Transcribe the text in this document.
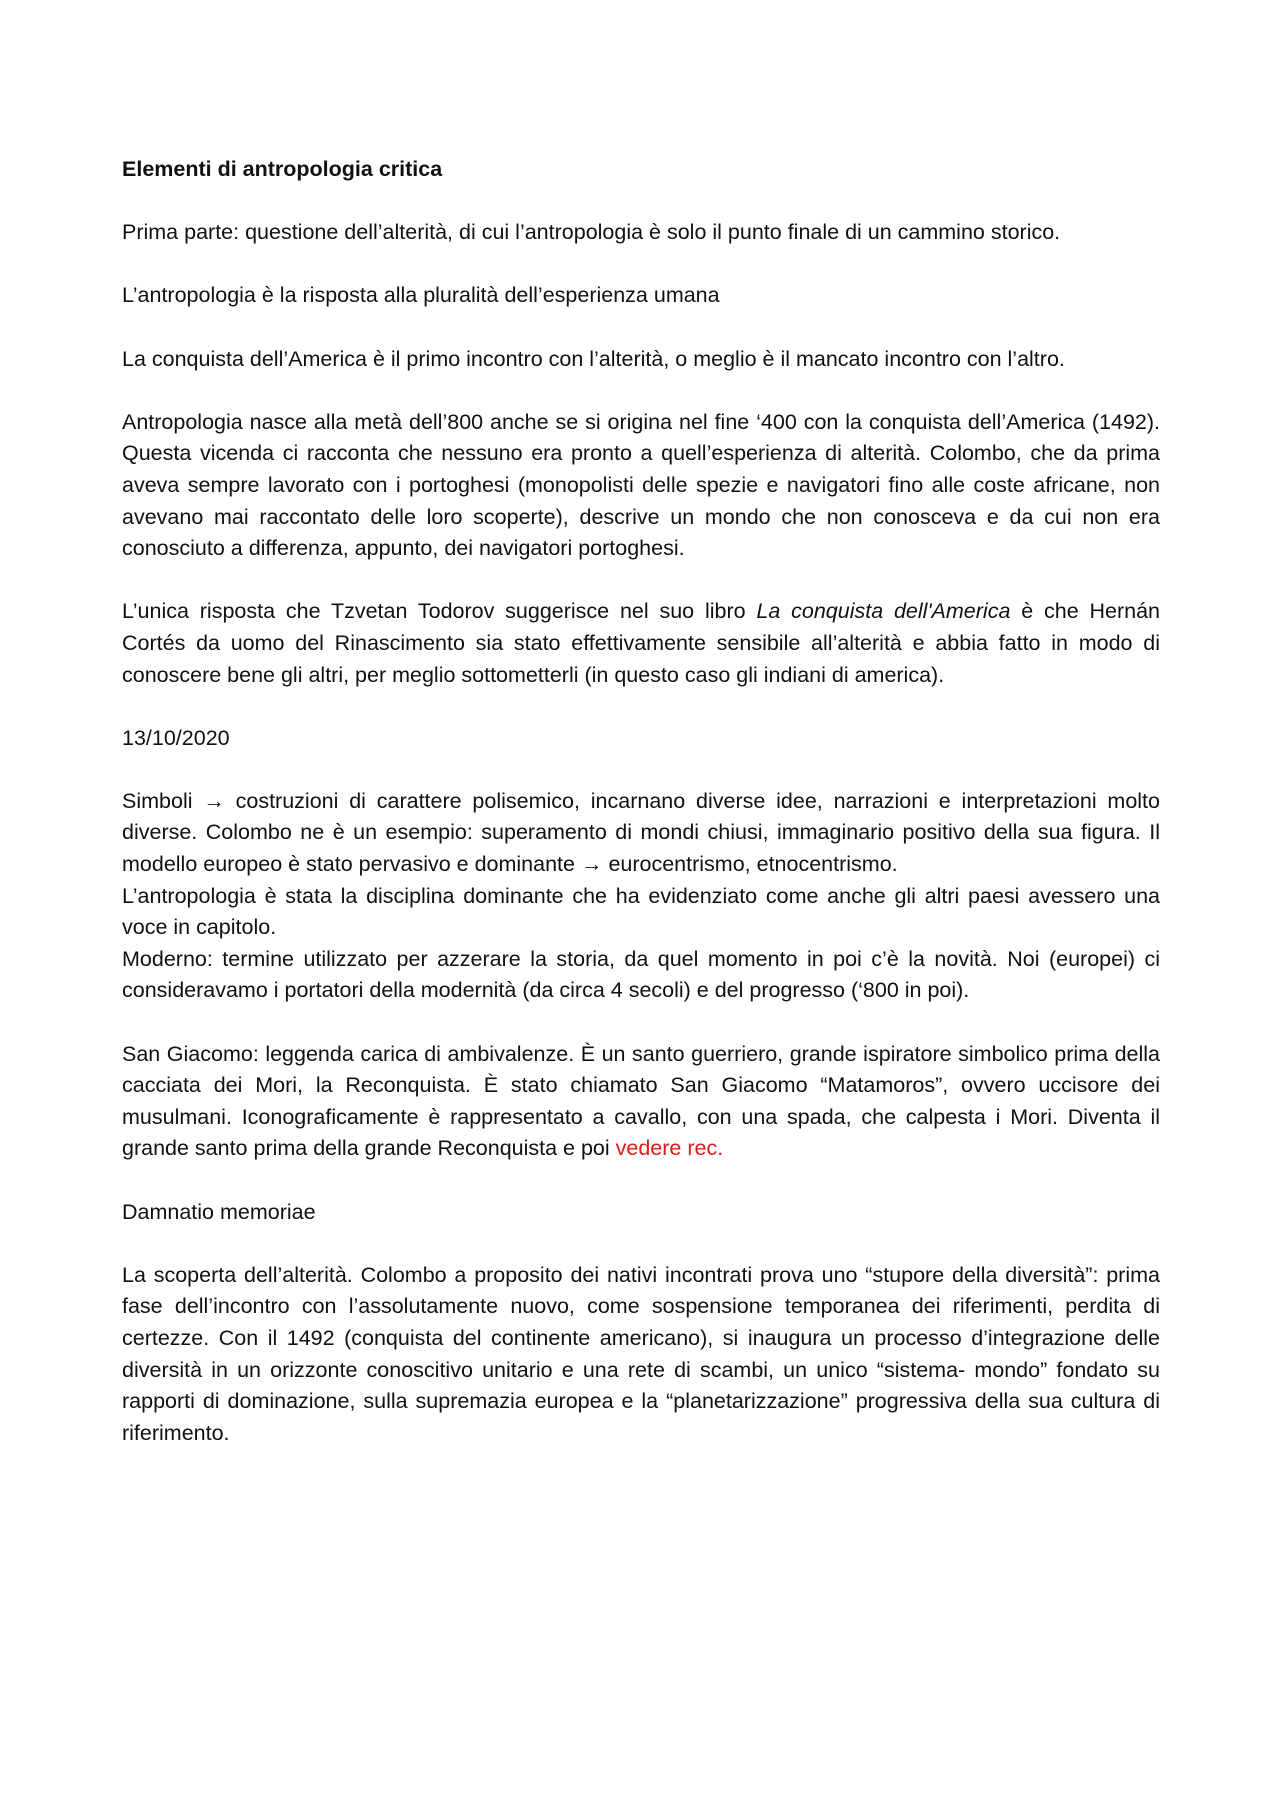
Elementi di antropologia critica

Prima parte: questione dell’alterità, di cui l’antropologia è solo il punto finale di un cammino storico.

L’antropologia è la risposta alla pluralità dell’esperienza umana

La conquista dell’America è il primo incontro con l’alterità, o meglio è il mancato incontro con l’altro.

Antropologia nasce alla metà dell’800 anche se si origina nel fine ‘400 con la conquista dell’America (1492). Questa vicenda ci racconta che nessuno era pronto a quell’esperienza di alterità. Colombo, che da prima aveva sempre lavorato con i portoghesi (monopolisti delle spezie e navigatori fino alle coste africane, non avevano mai raccontato delle loro scoperte), descrive un mondo che non conosceva e da cui non era conosciuto a differenza, appunto, dei navigatori portoghesi.

L’unica risposta che Tzvetan Todorov suggerisce nel suo libro La conquista dell'America è che Hernán Cortés da uomo del Rinascimento sia stato effettivamente sensibile all’alterità e abbia fatto in modo di conoscere bene gli altri, per meglio sottometterli (in questo caso gli indiani di america).

13/10/2020

Simboli → costruzioni di carattere polisemico, incarnano diverse idee, narrazioni e interpretazioni molto diverse. Colombo ne è un esempio: superamento di mondi chiusi, immaginario positivo della sua figura. Il modello europeo è stato pervasivo e dominante → eurocentrismo, etnocentrismo.

L’antropologia è stata la disciplina dominante che ha evidenziato come anche gli altri paesi avessero una voce in capitolo.

Moderno: termine utilizzato per azzerare la storia, da quel momento in poi c’è la novità. Noi (europei) ci consideravamo i portatori della modernità (da circa 4 secoli) e del progresso (‘800 in poi).

San Giacomo: leggenda carica di ambivalenze. È un santo guerriero, grande ispiratore simbolico prima della cacciata dei Mori, la Reconquista. È stato chiamato San Giacomo “Matamoros”, ovvero uccisore dei musulmani. Iconograficamente è rappresentato a cavallo, con una spada, che calpesta i Mori. Diventa il grande santo prima della grande Reconquista e poi vedere rec.

Damnatio memoriae

La scoperta dell’alterità. Colombo a proposito dei nativi incontrati prova uno “stupore della diversità”: prima fase dell’incontro con l’assolutamente nuovo, come sospensione temporanea dei riferimenti, perdita di certezze. Con il 1492 (conquista del continente americano), si inaugura un processo d’integrazione delle diversità in un orizzonte conoscitivo unitario e una rete di scambi, un unico “sistema- mondo” fondato su rapporti di dominazione, sulla supremazia europea e la “planetarizzazione” progressiva della sua cultura di riferimento.
